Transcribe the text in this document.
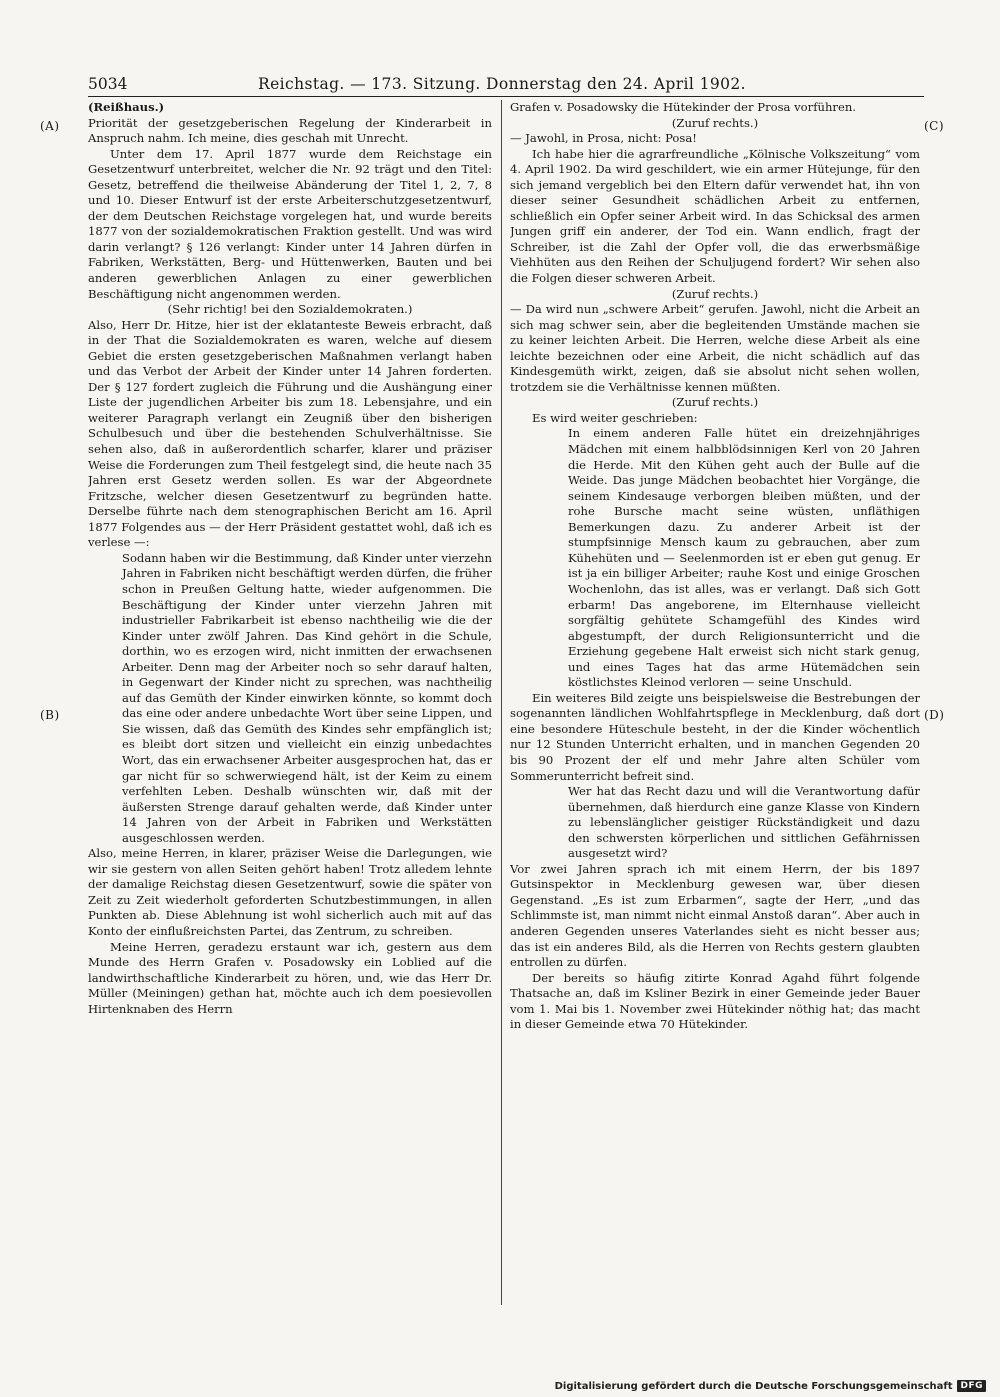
5034	Reichstag. — 173. Sitzung. Donnerstag den 24. April 1902.
(A)
(B)
(C)
(D)

(Reißhaus.)

Priorität der gesetzgeberischen Regelung der Kinderarbeit in Anspruch nahm. Ich meine, dies geschah mit Unrecht.

Unter dem 17. April 1877 wurde dem Reichstage ein Gesetzentwurf unterbreitet, welcher die Nr. 92 trägt und den Titel: Gesetz, betreffend die theilweise Abänderung der Titel 1, 2, 7, 8 und 10. Dieser Entwurf ist der erste Arbeiterschutzgesetzentwurf, der dem Deutschen Reichstage vorgelegen hat, und wurde bereits 1877 von der sozialdemokratischen Fraktion gestellt. Und was wird darin verlangt? § 126 verlangt: Kinder unter 14 Jahren dürfen in Fabriken, Werkstätten, Berg- und Hüttenwerken, Bauten und bei anderen gewerblichen Anlagen zu einer gewerblichen Beschäftigung nicht angenommen werden.

(Sehr richtig! bei den Sozialdemokraten.)

Also, Herr Dr. Hitze, hier ist der eklatanteste Beweis erbracht, daß in der That die Sozialdemokraten es waren, welche auf diesem Gebiet die ersten gesetzgeberischen Maßnahmen verlangt haben und das Verbot der Arbeit der Kinder unter 14 Jahren forderten. Der § 127 fordert zugleich die Führung und die Aushängung einer Liste der jugendlichen Arbeiter bis zum 18. Lebensjahre, und ein weiterer Paragraph verlangt ein Zeugniß über den bisherigen Schulbesuch und über die bestehenden Schulverhältnisse. Sie sehen also, daß in außerordentlich scharfer, klarer und präziser Weise die Forderungen zum Theil festgelegt sind, die heute nach 35 Jahren erst Gesetz werden sollen. Es war der Abgeordnete Fritzsche, welcher diesen Gesetzentwurf zu begründen hatte. Derselbe führte nach dem stenographischen Bericht am 16. April 1877 Folgendes aus — der Herr Präsident gestattet wohl, daß ich es verlese —:

Sodann haben wir die Bestimmung, daß Kinder unter vierzehn Jahren in Fabriken nicht beschäftigt werden dürfen, die früher schon in Preußen Geltung hatte, wieder aufgenommen. Die Beschäftigung der Kinder unter vierzehn Jahren mit industrieller Fabrikarbeit ist ebenso nachtheilig wie die der Kinder unter zwölf Jahren. Das Kind gehört in die Schule, dorthin, wo es erzogen wird, nicht inmitten der erwachsenen Arbeiter. Denn mag der Arbeiter noch so sehr darauf halten, in Gegenwart der Kinder nicht zu sprechen, was nachtheilig auf das Gemüth der Kinder einwirken könnte, so kommt doch das eine oder andere unbedachte Wort über seine Lippen, und Sie wissen, daß das Gemüth des Kindes sehr empfänglich ist; es bleibt dort sitzen und vielleicht ein einzig unbedachtes Wort, das ein erwachsener Arbeiter ausgesprochen hat, das er gar nicht für so schwerwiegend hält, ist der Keim zu einem verfehlten Leben. Deshalb wünschten wir, daß mit der äußersten Strenge darauf gehalten werde, daß Kinder unter 14 Jahren von der Arbeit in Fabriken und Werkstätten ausgeschlossen werden.

Also, meine Herren, in klarer, präziser Weise die Darlegungen, wie wir sie gestern von allen Seiten gehört haben! Trotz alledem lehnte der damalige Reichstag diesen Gesetzentwurf, sowie die später von Zeit zu Zeit wiederholt geforderten Schutzbestimmungen, in allen Punkten ab. Diese Ablehnung ist wohl sicherlich auch mit auf das Konto der einflußreichsten Partei, das Zentrum, zu schreiben.

Meine Herren, geradezu erstaunt war ich, gestern aus dem Munde des Herrn Grafen v. Posadowsky ein Loblied auf die landwirthschaftliche Kinderarbeit zu hören, und, wie das Herr Dr. Müller (Meiningen) gethan hat, möchte auch ich dem poesievollen Hirtenknaben des Herrn

Grafen v. Posadowsky die Hütekinder der Prosa vorführen.

(Zuruf rechts.)

— Jawohl, in Prosa, nicht: Posa!

Ich habe hier die agrarfreundliche „Kölnische Volkszeitung“ vom 4. April 1902. Da wird geschildert, wie ein armer Hütejunge, für den sich jemand vergeblich bei den Eltern dafür verwendet hat, ihn von dieser seiner Gesundheit schädlichen Arbeit zu entfernen, schließlich ein Opfer seiner Arbeit wird. In das Schicksal des armen Jungen griff ein anderer, der Tod ein. Wann endlich, fragt der Schreiber, ist die Zahl der Opfer voll, die das erwerbsmäßige Viehhüten aus den Reihen der Schuljugend fordert? Wir sehen also die Folgen dieser schweren Arbeit.

(Zuruf rechts.)

— Da wird nun „schwere Arbeit“ gerufen. Jawohl, nicht die Arbeit an sich mag schwer sein, aber die begleitenden Umstände machen sie zu keiner leichten Arbeit. Die Herren, welche diese Arbeit als eine leichte bezeichnen oder eine Arbeit, die nicht schädlich auf das Kindesgemüth wirkt, zeigen, daß sie absolut nicht sehen wollen, trotzdem sie die Verhältnisse kennen müßten.

(Zuruf rechts.)

Es wird weiter geschrieben:

In einem anderen Falle hütet ein dreizehnjähriges Mädchen mit einem halbblödsinnigen Kerl von 20 Jahren die Herde. Mit den Kühen geht auch der Bulle auf die Weide. Das junge Mädchen beobachtet hier Vorgänge, die seinem Kindesauge verborgen bleiben müßten, und der rohe Bursche macht seine wüsten, unfläthigen Bemerkungen dazu. Zu anderer Arbeit ist der stumpfsinnige Mensch kaum zu gebrauchen, aber zum Kühehüten und — Seelenmorden ist er eben gut genug. Er ist ja ein billiger Arbeiter; rauhe Kost und einige Groschen Wochenlohn, das ist alles, was er verlangt. Daß sich Gott erbarm! Das angeborene, im Elternhause vielleicht sorgfältig gehütete Schamgefühl des Kindes wird abgestumpft, der durch Religionsunterricht und die Erziehung gegebene Halt erweist sich nicht stark genug, und eines Tages hat das arme Hütemädchen sein köstlichstes Kleinod verloren — seine Unschuld.

Ein weiteres Bild zeigte uns beispielsweise die Bestrebungen der sogenannten ländlichen Wohlfahrtspflege in Mecklenburg, daß dort eine besondere Hüteschule besteht, in der die Kinder wöchentlich nur 12 Stunden Unterricht erhalten, und in manchen Gegenden 20 bis 90 Prozent der elf und mehr Jahre alten Schüler vom Sommerunterricht befreit sind.

Wer hat das Recht dazu und will die Verantwortung dafür übernehmen, daß hierdurch eine ganze Klasse von Kindern zu lebenslänglicher geistiger Rückständigkeit und dazu den schwersten körperlichen und sittlichen Gefährnissen ausgesetzt wird?

Vor zwei Jahren sprach ich mit einem Herrn, der bis 1897 Gutsinspektor in Mecklenburg gewesen war, über diesen Gegenstand. „Es ist zum Erbarmen“, sagte der Herr, „und das Schlimmste ist, man nimmt nicht einmal Anstoß daran“. Aber auch in anderen Gegenden unseres Vaterlandes sieht es nicht besser aus; das ist ein anderes Bild, als die Herren von Rechts gestern glaubten entrollen zu dürfen.

Der bereits so häufig zitirte Konrad Agahd führt folgende Thatsache an, daß im Ksliner Bezirk in einer Gemeinde jeder Bauer vom 1. Mai bis 1. November zwei Hütekinder nöthig hat; das macht in dieser Gemeinde etwa 70 Hütekinder.

Digitalisierung gefördert durch die Deutsche Forschungsgemeinschaft DFG
